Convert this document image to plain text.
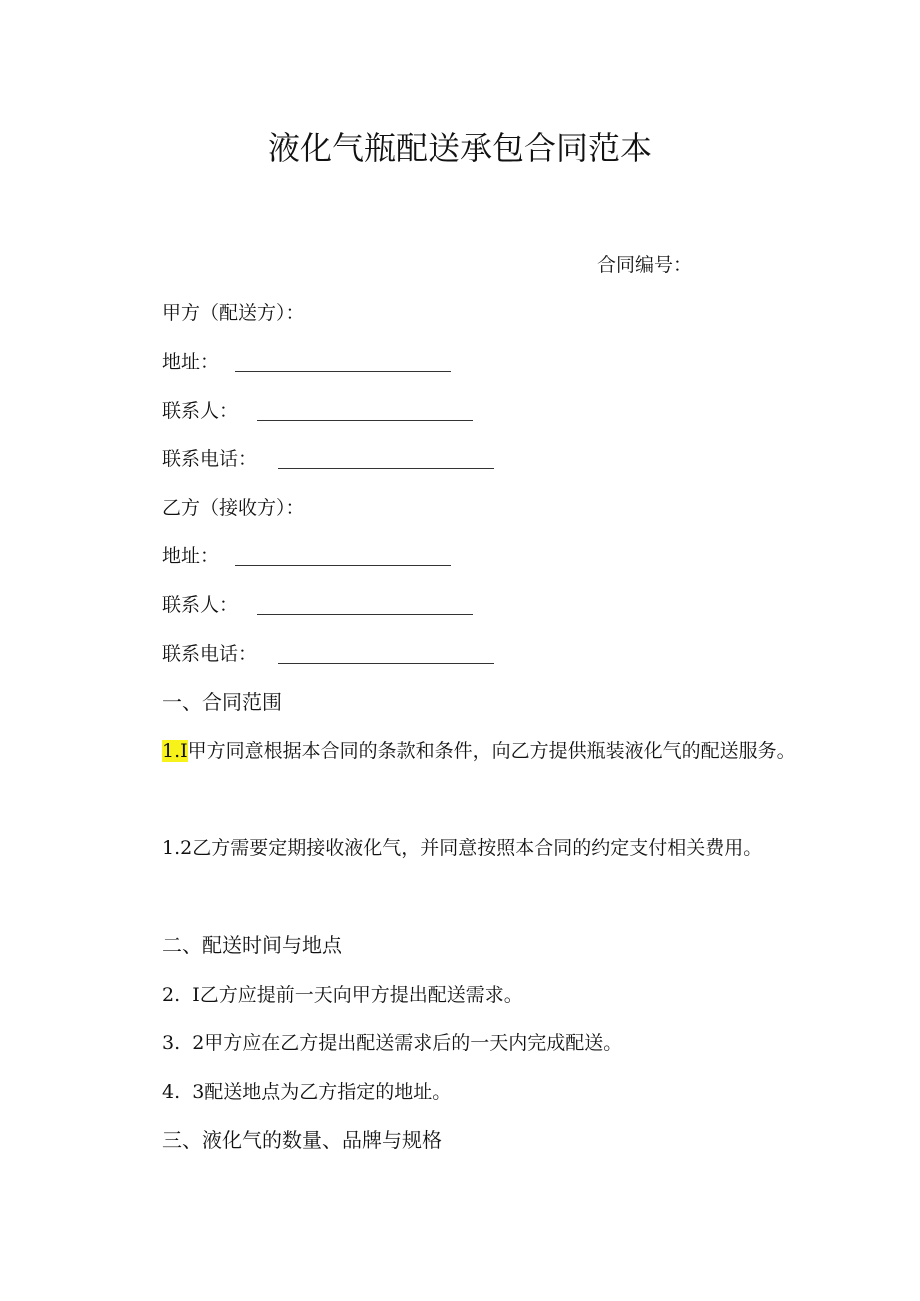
液化气瓶配送承包合同范本
合同编号：
甲方（配送方）：
地址：
联系人：
联系电话：
乙方（接收方）：
地址：
联系人：
联系电话：
一、合同范围
1.I甲方同意根据本合同的条款和条件，向乙方提供瓶装液化气的配送服务。
1.2乙方需要定期接收液化气，并同意按照本合同的约定支付相关费用。
二、配送时间与地点
2.  I乙方应提前一天向甲方提出配送需求。
3.  2甲方应在乙方提出配送需求后的一天内完成配送。
4.  3配送地点为乙方指定的地址。
三、液化气的数量、品牌与规格
